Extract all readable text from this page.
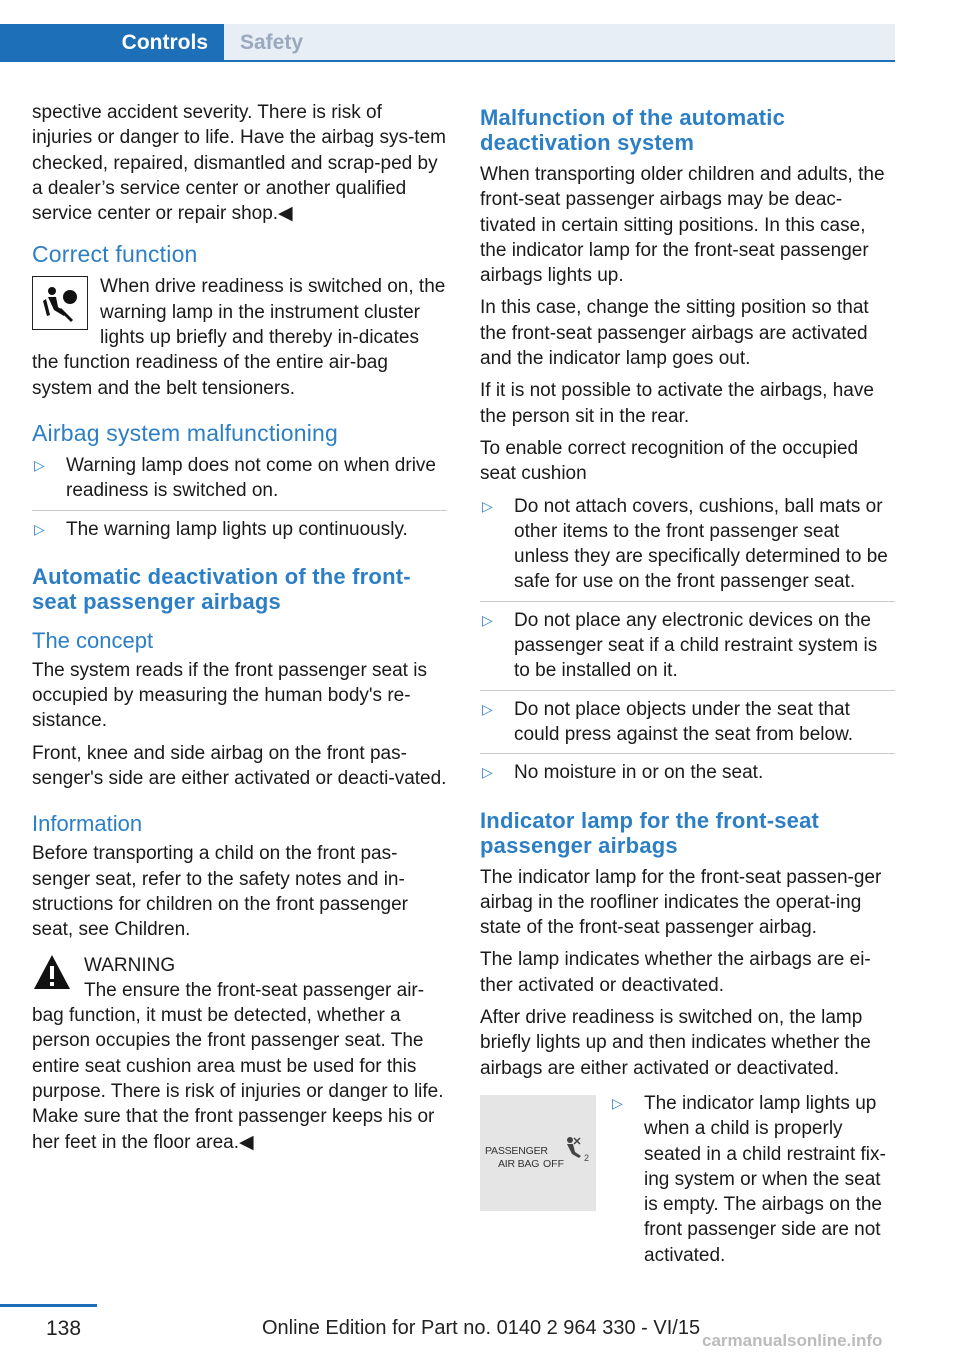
Controls	Safety

spective accident severity. There is risk of injuries or danger to life. Have the airbag sys‐tem checked, repaired, dismantled and scrap‐ped by a dealer’s service center or another qualified service center or repair shop.◀

Correct function
When drive readiness is switched on, the warning lamp in the instrument cluster lights up briefly and thereby in‐dicates the function readiness of the entire air‐bag system and the belt tensioners.
Airbag system malfunctioning
▷ Warning lamp does not come on when drive readiness is switched on.
▷ The warning lamp lights up continuously.
Automatic deactivation of the front-seat passenger airbags
The concept

The system reads if the front passenger seat is occupied by measuring the human body's re‐sistance.

Front, knee and side airbag on the front pas‐senger's side are either activated or deacti‐vated.

Information

Before transporting a child on the front pas‐senger seat, refer to the safety notes and in‐structions for children on the front passenger seat, see Children.

WARNING
The ensure the front-seat passenger air‐bag function, it must be detected, whether a person occupies the front passenger seat. The entire seat cushion area must be used for this purpose. There is risk of injuries or danger to life. Make sure that the front passenger keeps his or her feet in the floor area.◀
Malfunction of the automatic deactivation system

When transporting older children and adults, the front-seat passenger airbags may be deac‐tivated in certain sitting positions. In this case, the indicator lamp for the front-seat passenger airbags lights up.

In this case, change the sitting position so that the front-seat passenger airbags are activated and the indicator lamp goes out.

If it is not possible to activate the airbags, have the person sit in the rear.

To enable correct recognition of the occupied seat cushion

▷ Do not attach covers, cushions, ball mats or other items to the front passenger seat unless they are specifically determined to be safe for use on the front passenger seat.
▷ Do not place any electronic devices on the passenger seat if a child restraint system is to be installed on it.
▷ Do not place objects under the seat that could press against the seat from below.
▷ No moisture in or on the seat.
Indicator lamp for the front-seat passenger airbags

The indicator lamp for the front-seat passen‐ger airbag in the roofliner indicates the operat‐ing state of the front-seat passenger airbag.

The lamp indicates whether the airbags are ei‐ther activated or deactivated.

After drive readiness is switched on, the lamp briefly lights up and then indicates whether the airbags are either activated or deactivated.

PASSENGER
AIR BAG OFF 2
▷ The indicator lamp lights up when a child is properly seated in a child restraint fix‐ing system or when the seat is empty. The airbags on the front passenger side are not activated.
138	Online Edition for Part no. 0140 2 964 330 - VI/15
carmanualsonline.info
